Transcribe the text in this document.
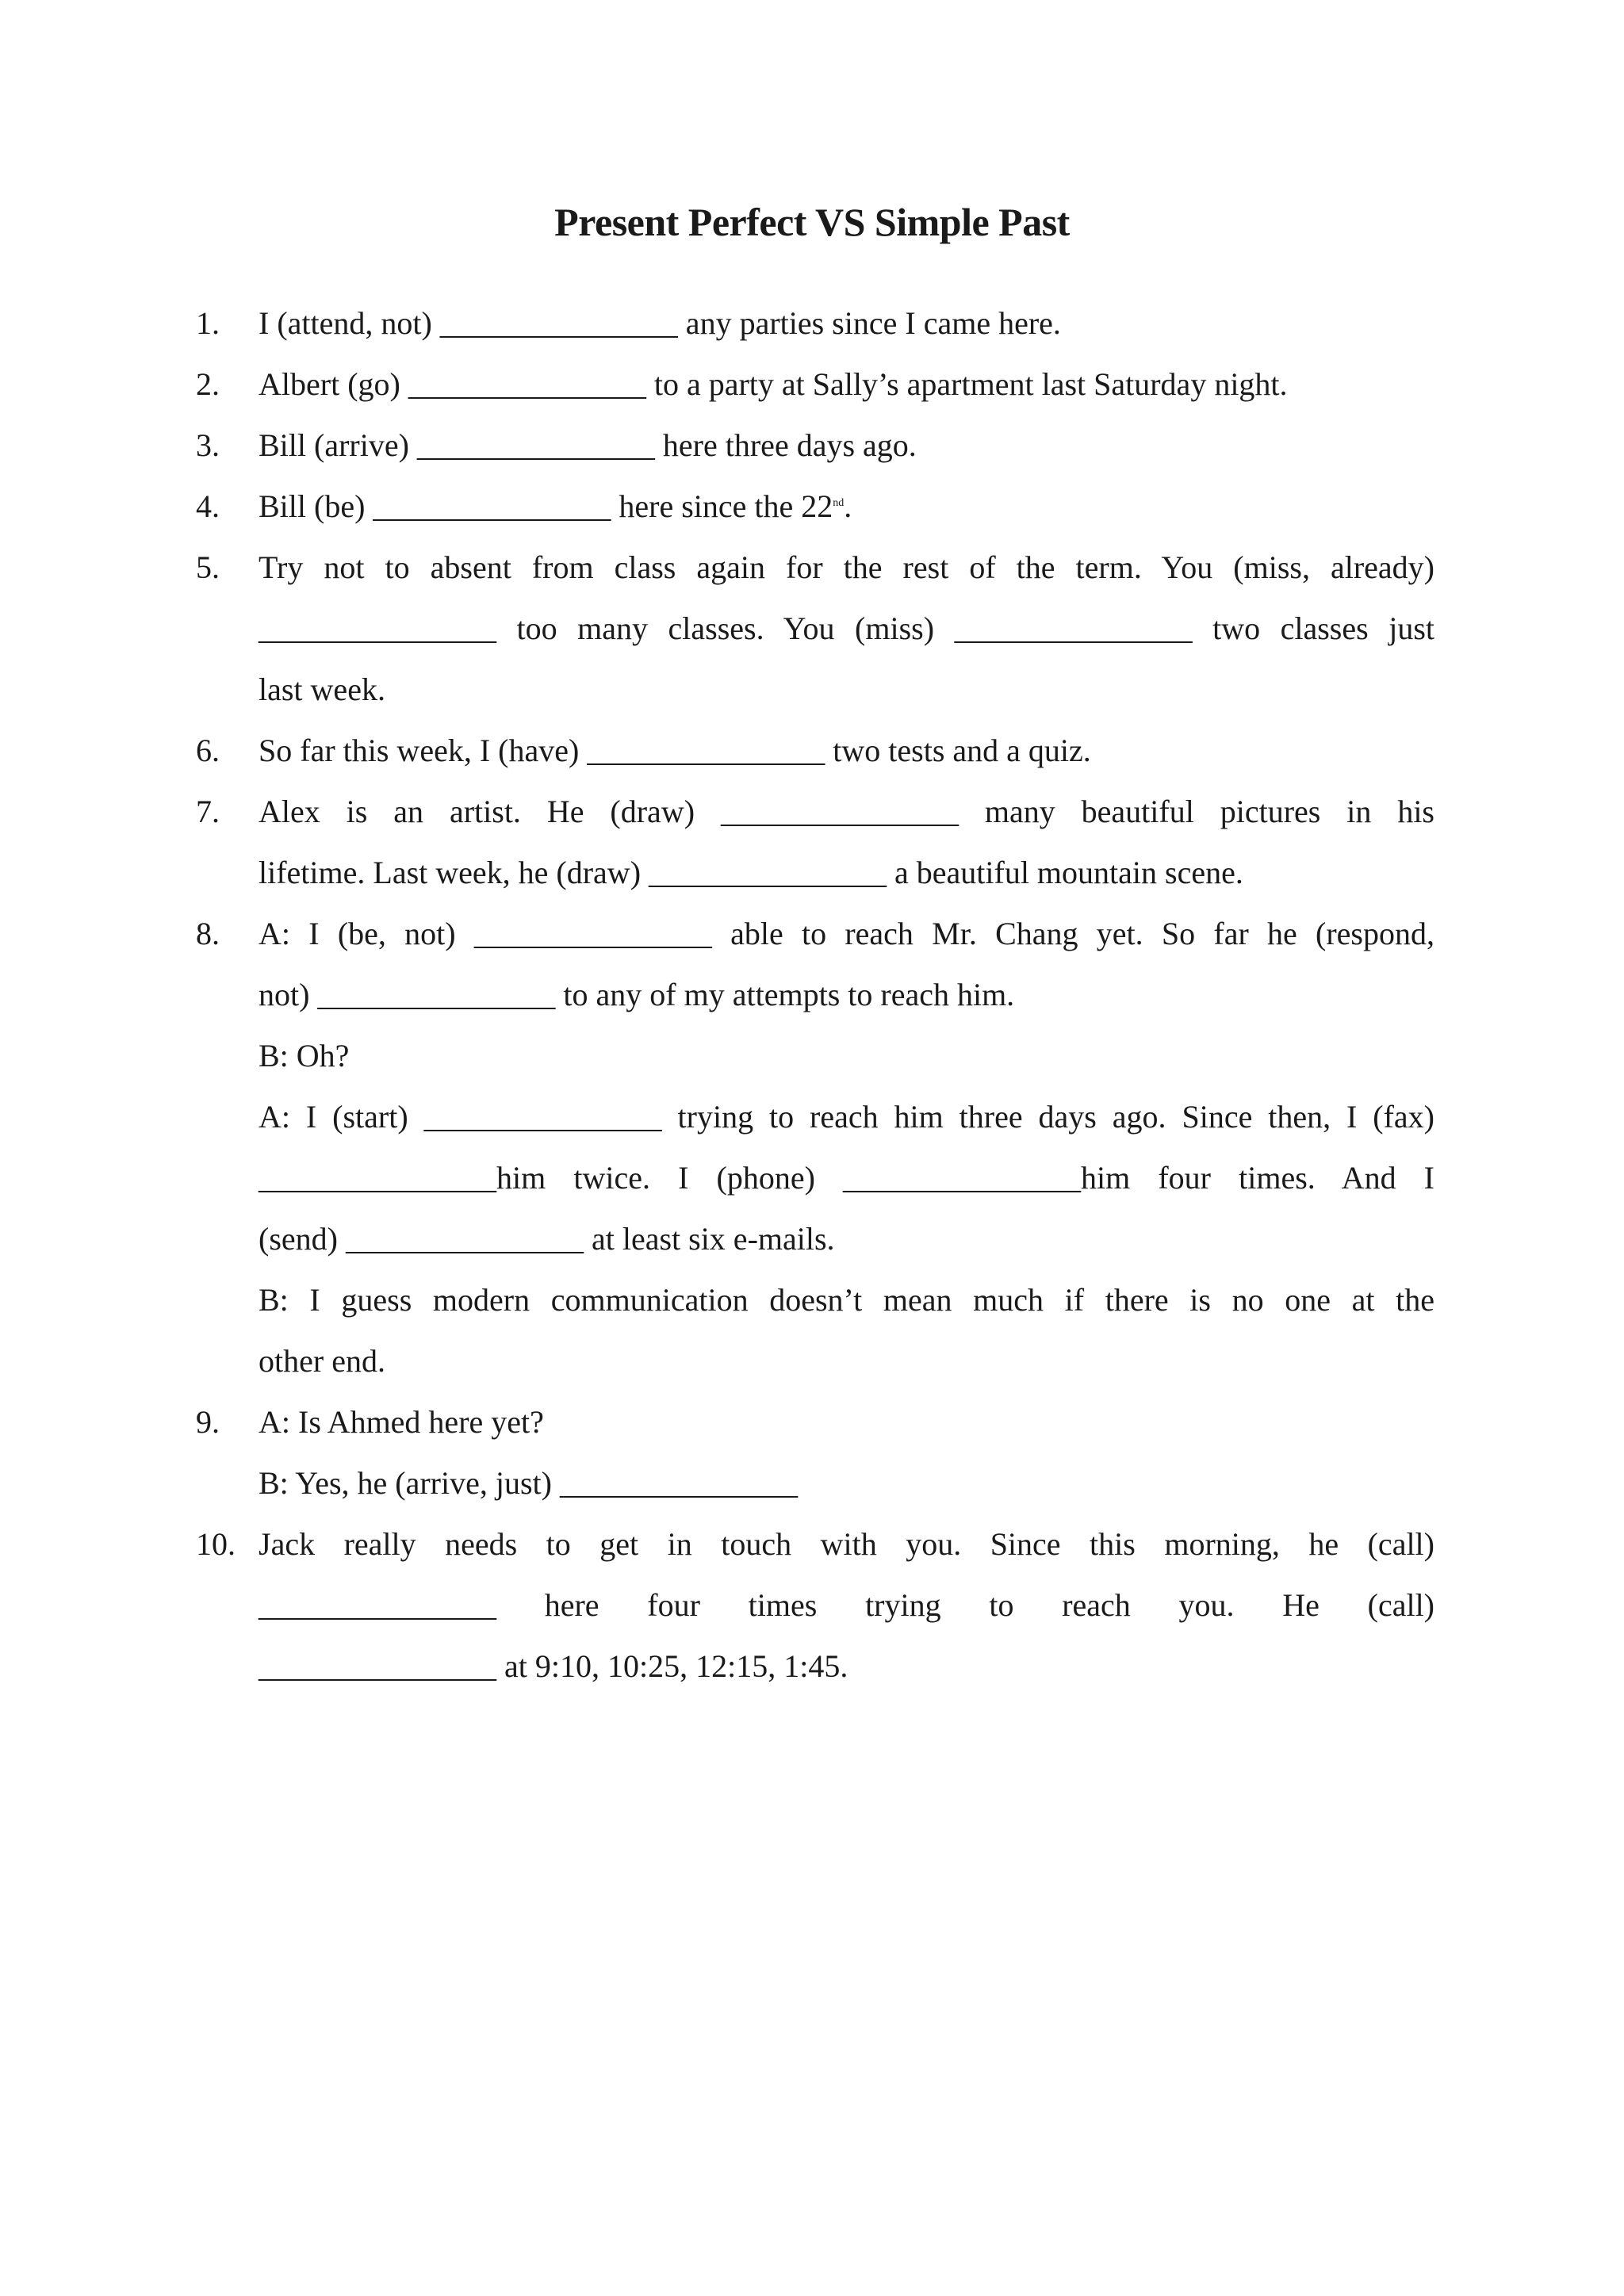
Present Perfect VS Simple Past
1.	I (attend, not) _______________ any parties since I came here.
2.	Albert (go) _______________ to a party at Sally’s apartment last Saturday night.
3.	Bill (arrive) _______________ here three days ago.
4.	Bill (be) _______________ here since the 22nd.
5.	Try not to absent from class again for the rest of the term. You (miss, already)
_______________ too many classes. You (miss) _______________ two classes just
last week.
6.	So far this week, I (have) _______________ two tests and a quiz.
7.	Alex is an artist. He (draw) _______________ many beautiful pictures in his
lifetime. Last week, he (draw) _______________ a beautiful mountain scene.
8.	A: I (be, not) _______________ able to reach Mr. Chang yet. So far he (respond,
not) _______________ to any of my attempts to reach him.
B: Oh?
A: I (start) _______________ trying to reach him three days ago. Since then, I (fax)
_______________him twice. I (phone) _______________him four times. And I
(send) _______________ at least six e-mails.
B: I guess modern communication doesn’t mean much if there is no one at the
other end.
9.	A: Is Ahmed here yet?
B: Yes, he (arrive, just) _______________
10. Jack really needs to get in touch with you. Since this morning, he (call)
_______________ here four times trying to reach you. He (call)
_______________ at 9:10, 10:25, 12:15, 1:45.
